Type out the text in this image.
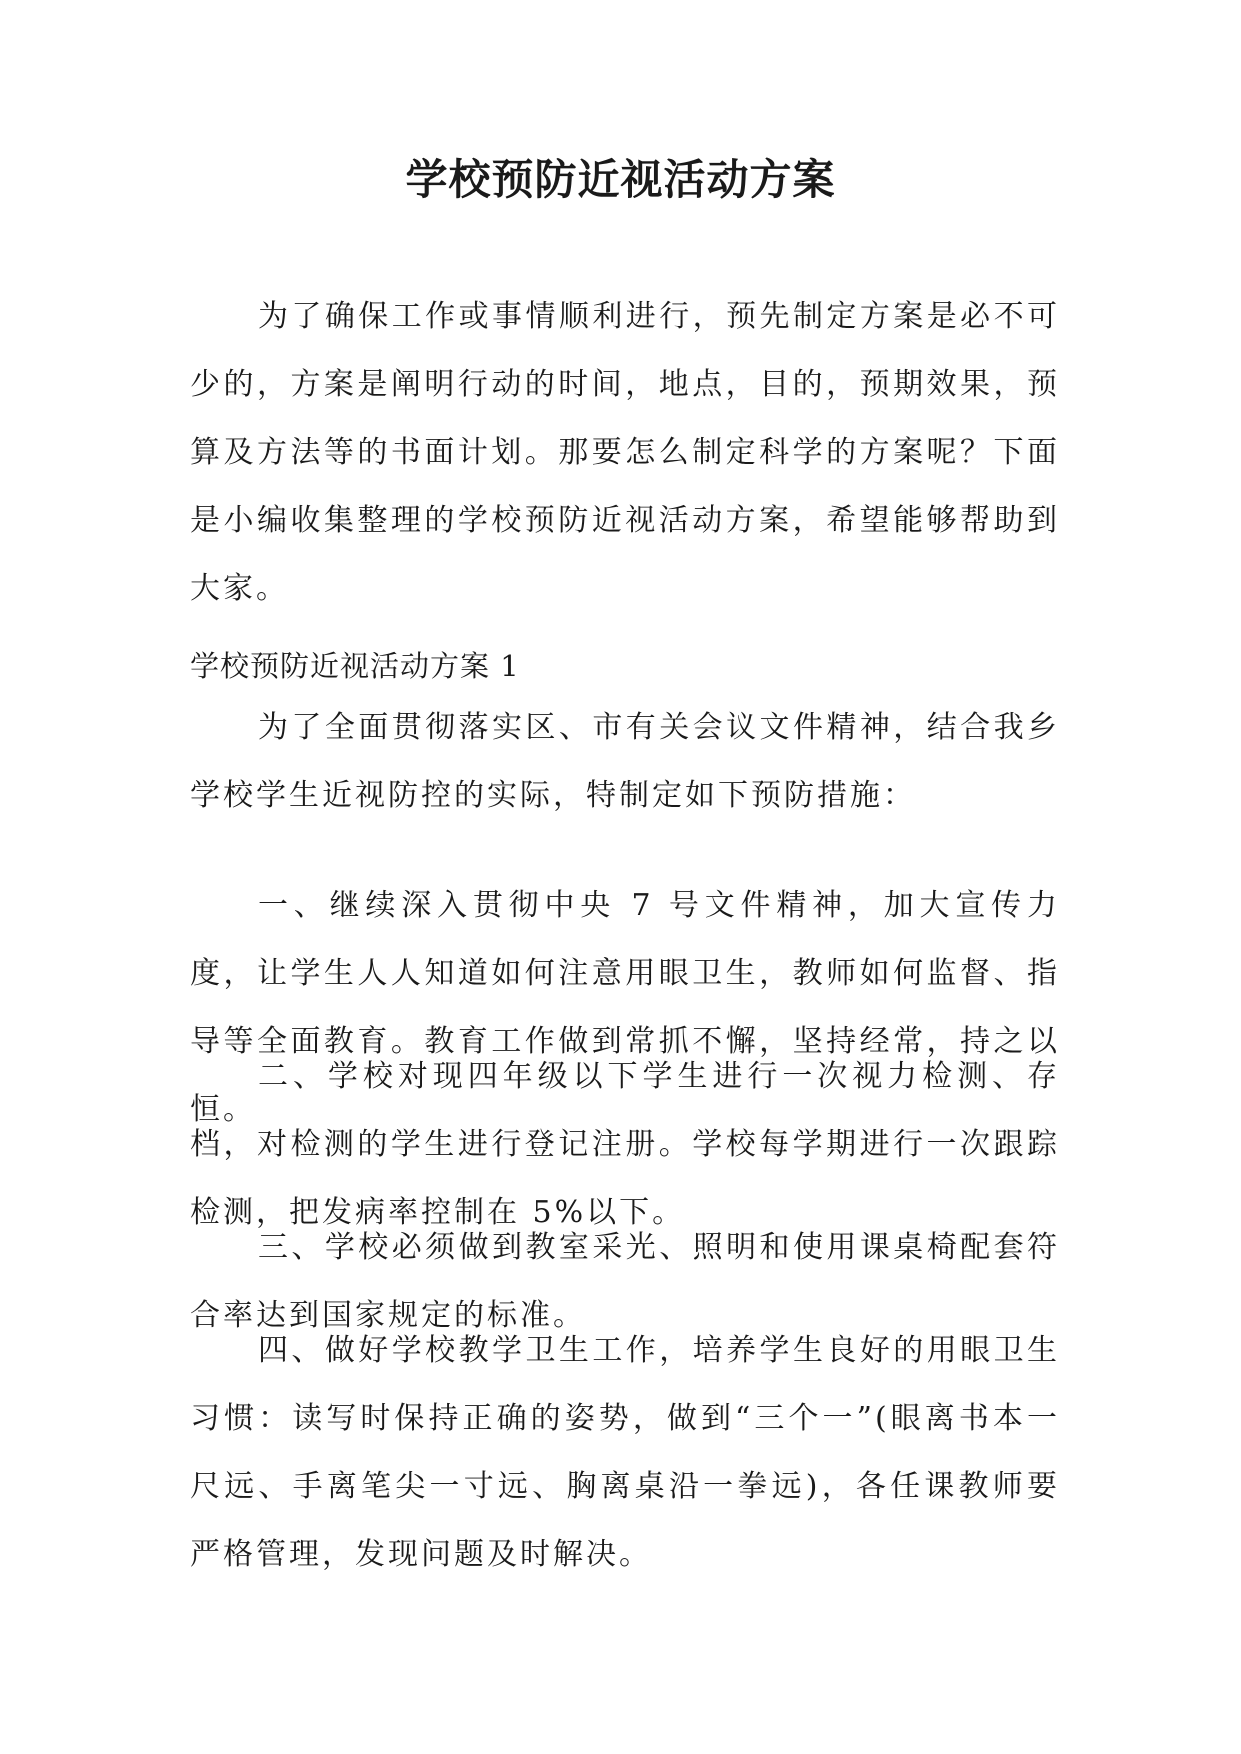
学校预防近视活动方案

为了确保工作或事情顺利进行，预先制定方案是必不可少的，方案是阐明行动的时间，地点，目的，预期效果，预算及方法等的书面计划。那要怎么制定科学的方案呢？下面是小编收集整理的学校预防近视活动方案，希望能够帮助到大家。

学校预防近视活动方案 1

为了全面贯彻落实区、市有关会议文件精神，结合我乡学校学生近视防控的实际，特制定如下预防措施：

一、继续深入贯彻中央 7 号文件精神，加大宣传力度，让学生人人知道如何注意用眼卫生，教师如何监督、指导等全面教育。教育工作做到常抓不懈，坚持经常，持之以恒。

二、学校对现四年级以下学生进行一次视力检测、存档，对检测的学生进行登记注册。学校每学期进行一次跟踪检测，把发病率控制在 5%以下。

三、学校必须做到教室采光、照明和使用课桌椅配套符合率达到国家规定的标准。

四、做好学校教学卫生工作，培养学生良好的用眼卫生习惯：读写时保持正确的姿势，做到“三个一”(眼离书本一尺远、手离笔尖一寸远、胸离桌沿一拳远)，各任课教师要严格管理，发现问题及时解决。
